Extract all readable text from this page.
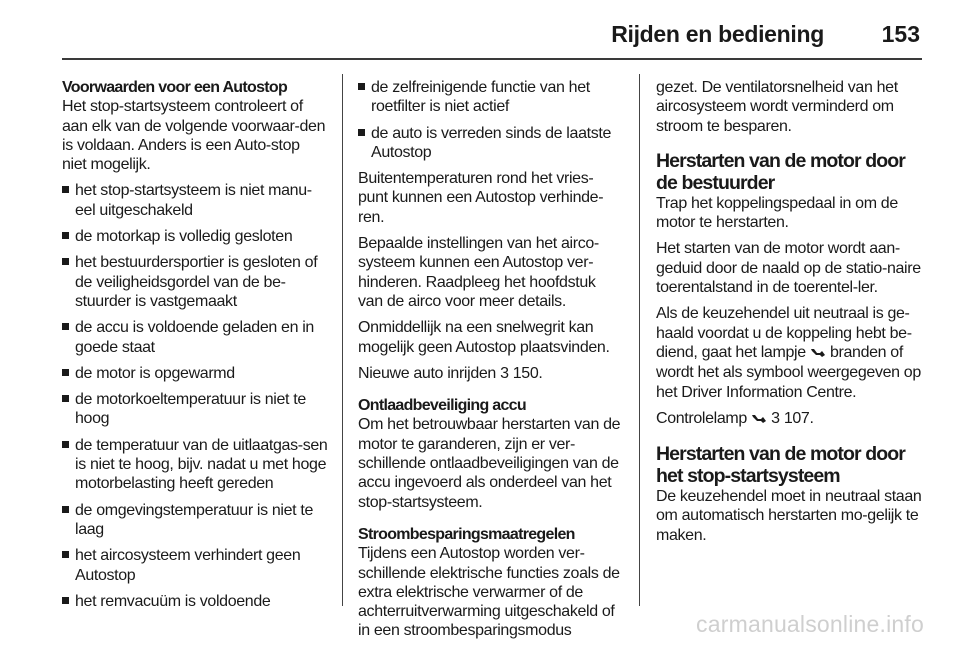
Rijden en bediening	153
Voorwaarden voor een Autostop

Het stop-startsysteem controleert of aan elk van de volgende voorwaar-den is voldaan. Anders is een Auto-stop niet mogelijk.

het stop-startsysteem is niet manu-eel uitgeschakeld
de motorkap is volledig gesloten
het bestuurdersportier is gesloten of de veiligheidsgordel van de be-stuurder is vastgemaakt
de accu is voldoende geladen en in goede staat
de motor is opgewarmd
de motorkoeltemperatuur is niet te hoog
de temperatuur van de uitlaatgas-sen is niet te hoog, bijv. nadat u met hoge motorbelasting heeft gereden
de omgevingstemperatuur is niet te laag
het aircosysteem verhindert geen Autostop
het remvacuüm is voldoende
de zelfreinigende functie van het roetfilter is niet actief
de auto is verreden sinds de laatste Autostop

Buitentemperaturen rond het vries-punt kunnen een Autostop verhinde-ren.

Bepaalde instellingen van het airco-systeem kunnen een Autostop ver-hinderen. Raadpleeg het hoofdstuk van de airco voor meer details.

Onmiddellijk na een snelwegrit kan mogelijk geen Autostop plaatsvinden.

Nieuwe auto inrijden 3 150.

Ontlaadbeveiliging accu

Om het betrouwbaar herstarten van de motor te garanderen, zijn er ver-schillende ontlaadbeveiligingen van de accu ingevoerd als onderdeel van het stop-startsysteem.

Stroombesparingsmaatregelen

Tijdens een Autostop worden ver-schillende elektrische functies zoals de extra elektrische verwarmer of de achterruitverwarming uitgeschakeld of in een stroombesparingsmodus

gezet. De ventilatorsnelheid van het aircosysteem wordt verminderd om stroom te besparen.

Herstarten van de motor door de bestuurder

Trap het koppelingspedaal in om de motor te herstarten.

Het starten van de motor wordt aan-geduid door de naald op de statio-naire toerentalstand in de toerentel-ler.

Als de keuzehendel uit neutraal is ge-haald voordat u de koppeling hebt be-diend, gaat het lampje  branden of wordt het als symbool weergegeven op het Driver Information Centre.

Controlelamp  3 107.

Herstarten van de motor door het stop-startsysteem

De keuzehendel moet in neutraal staan om automatisch herstarten mo-gelijk te maken.

carmanualsonline.info
